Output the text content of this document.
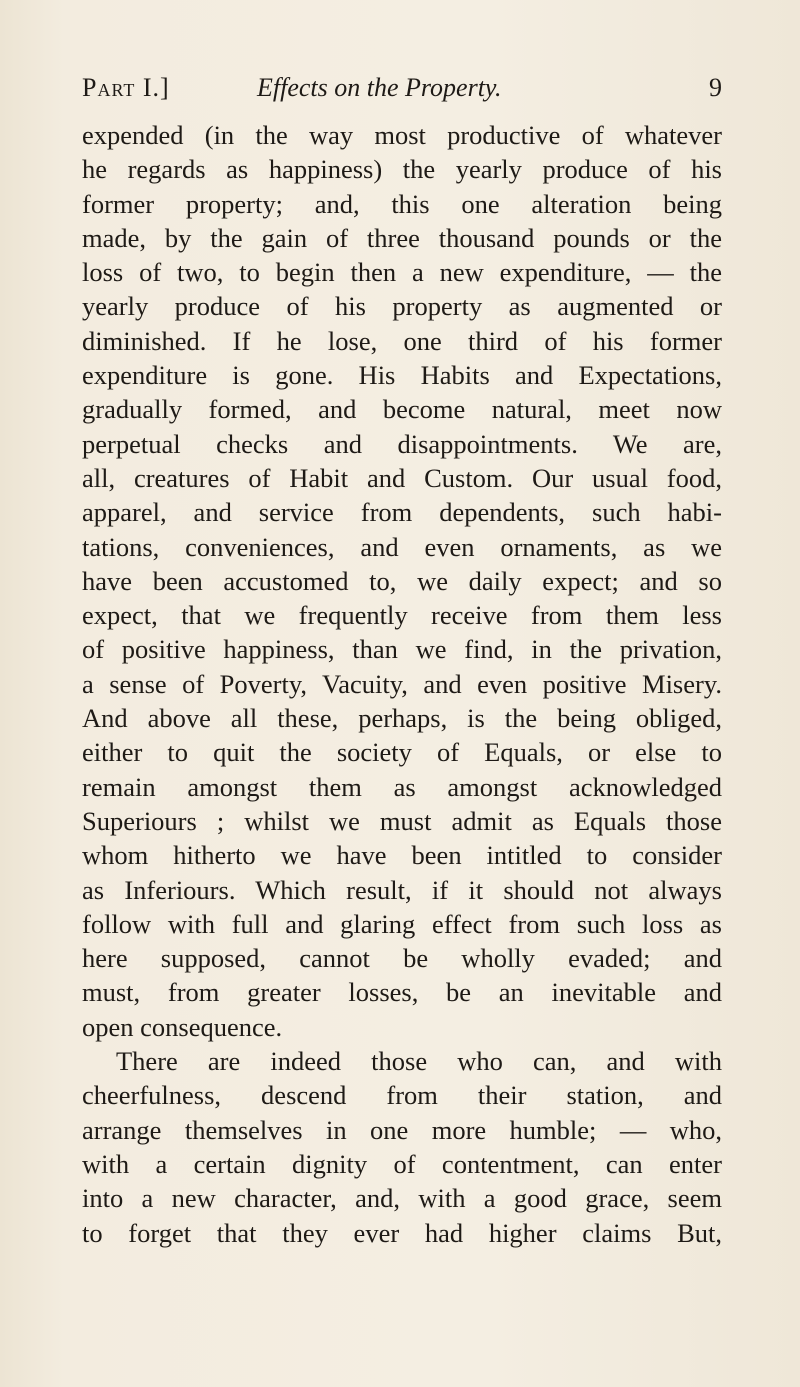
Part I.]	Effects on the Property.	9
expended (in the way most productive of whatever
he regards as happiness) the yearly produce of his
former property; and, this one alteration being
made, by the gain of three thousand pounds or the
loss of two, to begin then a new expenditure, — the
yearly produce of his property as augmented or
diminished. If he lose, one third of his former
expenditure is gone. His Habits and Expectations,
gradually formed, and become natural, meet now
perpetual checks and disappointments. We are,
all, creatures of Habit and Custom. Our usual food,
apparel, and service from dependents, such habi-
tations, conveniences, and even ornaments, as we
have been accustomed to, we daily expect; and so
expect, that we frequently receive from them less
of positive happiness, than we find, in the privation,
a sense of Poverty, Vacuity, and even positive Misery.
And above all these, perhaps, is the being obliged,
either to quit the society of Equals, or else to
remain amongst them as amongst acknowledged
Superiours ; whilst we must admit as Equals those
whom hitherto we have been intitled to consider
as Inferiours. Which result, if it should not always
follow with full and glaring effect from such loss as
here supposed, cannot be wholly evaded; and
must, from greater losses, be an inevitable and
open consequence.
There are indeed those who can, and with
cheerfulness, descend from their station, and
arrange themselves in one more humble; — who,
with a certain dignity of contentment, can enter
into a new character, and, with a good grace, seem
to forget that they ever had higher claims But,
